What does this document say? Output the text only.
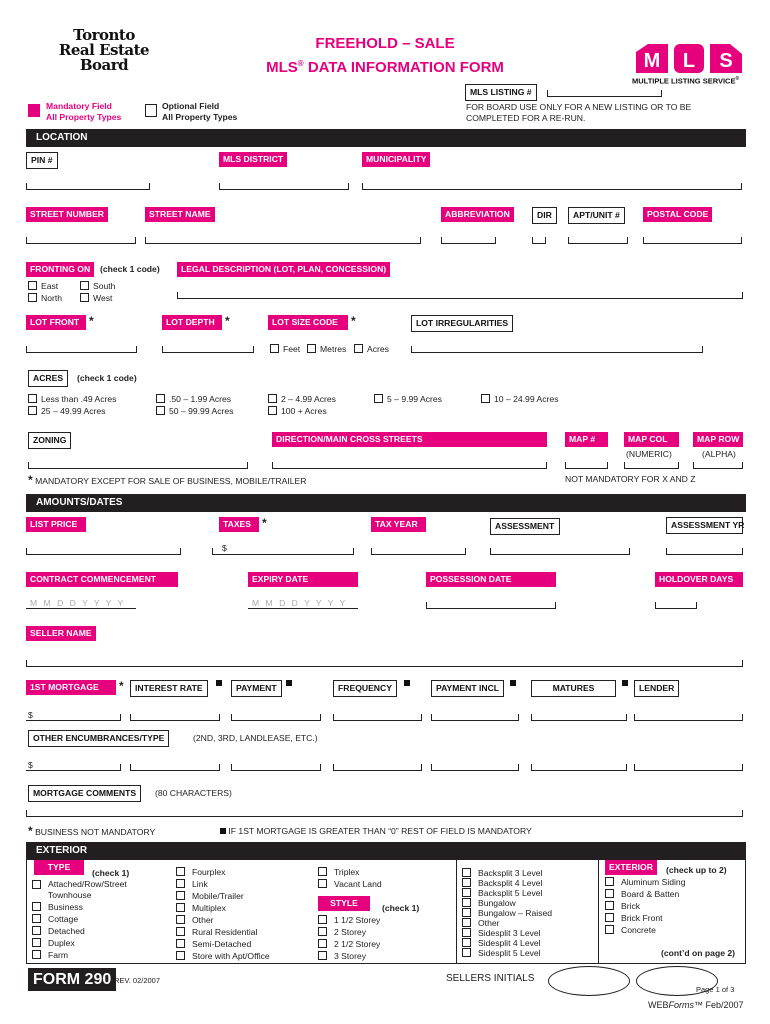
Toronto
Real Estate
Board
FREEHOLD – SALE
MLS® DATA INFORMATION FORM	M L S
MULTIPLE LISTING SERVICE®
MLS LISTING #
FOR BOARD USE ONLY FOR A NEW LISTING OR TO BE COMPLETED FOR A RE-RUN.
Mandatory Field
All Property Types
Optional Field
All Property Types
LOCATION
PIN #	MLS DISTRICT	MUNICIPALITY
STREET NUMBER	STREET NAME	ABBREVIATION	DIR	APT/UNIT #	POSTAL CODE
FRONTING ON	(check 1 code)	LEGAL DESCRIPTION (LOT, PLAN, CONCESSION)
East	South
North	West
LOT FRONT *	LOT DEPTH *	LOT SIZE CODE	*	LOT IRREGULARITIES
Feet	Metres	Acres
ACRES	(check 1 code)
Less than .49 Acres
25 – 49.99 Acres
.50 – 1.99 Acres
50 – 99.99 Acres
2 – 4.99 Acres
100 + Acres
5 – 9.99 Acres	10 – 24.99 Acres
ZONING	DIRECTION/MAIN CROSS STREETS	MAP #	MAP COL	MAP ROW
(NUMERIC)	(ALPHA)
* MANDATORY EXCEPT FOR SALE OF BUSINESS, MOBILE/TRAILER	NOT MANDATORY FOR X AND Z
AMOUNTS/DATES
LIST PRICE	TAXES *	TAX YEAR	ASSESSMENT	ASSESSMENT YR
$
CONTRACT COMMENCEMENT	EXPIRY DATE	POSSESSION DATE	HOLDOVER DAYS
M M D D Y Y Y Y	M M D D Y Y Y Y
SELLER NAME
1ST MORTGAGE	*	INTEREST RATE	PAYMENT	FREQUENCY	PAYMENT INCL	MATURES	LENDER
$
OTHER ENCUMBRANCES/TYPE	(2ND, 3RD, LANDLEASE, ETC.)
$
MORTGAGE COMMENTS	(80 CHARACTERS)
* BUSINESS NOT MANDATORY	IF 1ST MORTGAGE IS GREATER THAN “0” REST OF FIELD IS MANDATORY
EXTERIOR
TYPE
(check 1)
Attached/Row/Street Townhouse
Business
Cottage
Detached
Duplex
Farm
Fourplex
Link
Mobile/Trailer
Multiplex
Other
Rural Residential
Semi-Detached
Store with Apt/Office
Triplex
Vacant Land
STYLE	(check 1)
1 1/2 Storey
2 Storey
2 1/2 Storey
3 Storey
Backsplit 3 Level
Backsplit 4 Level
Backsplit 5 Level
Bungalow
Bungalow – Raised
Other
Sidesplit 3 Level
Sidesplit 4 Level
Sidesplit 5 Level
EXTERIOR	(check up to 2)
Aluminum Siding
Board & Batten
Brick
Brick Front
Concrete
(cont’d on page 2)
FORM 290 REV. 02/2007	SELLERS INITIALS
Page 1 of 3
WEBForms™ Feb/2007
